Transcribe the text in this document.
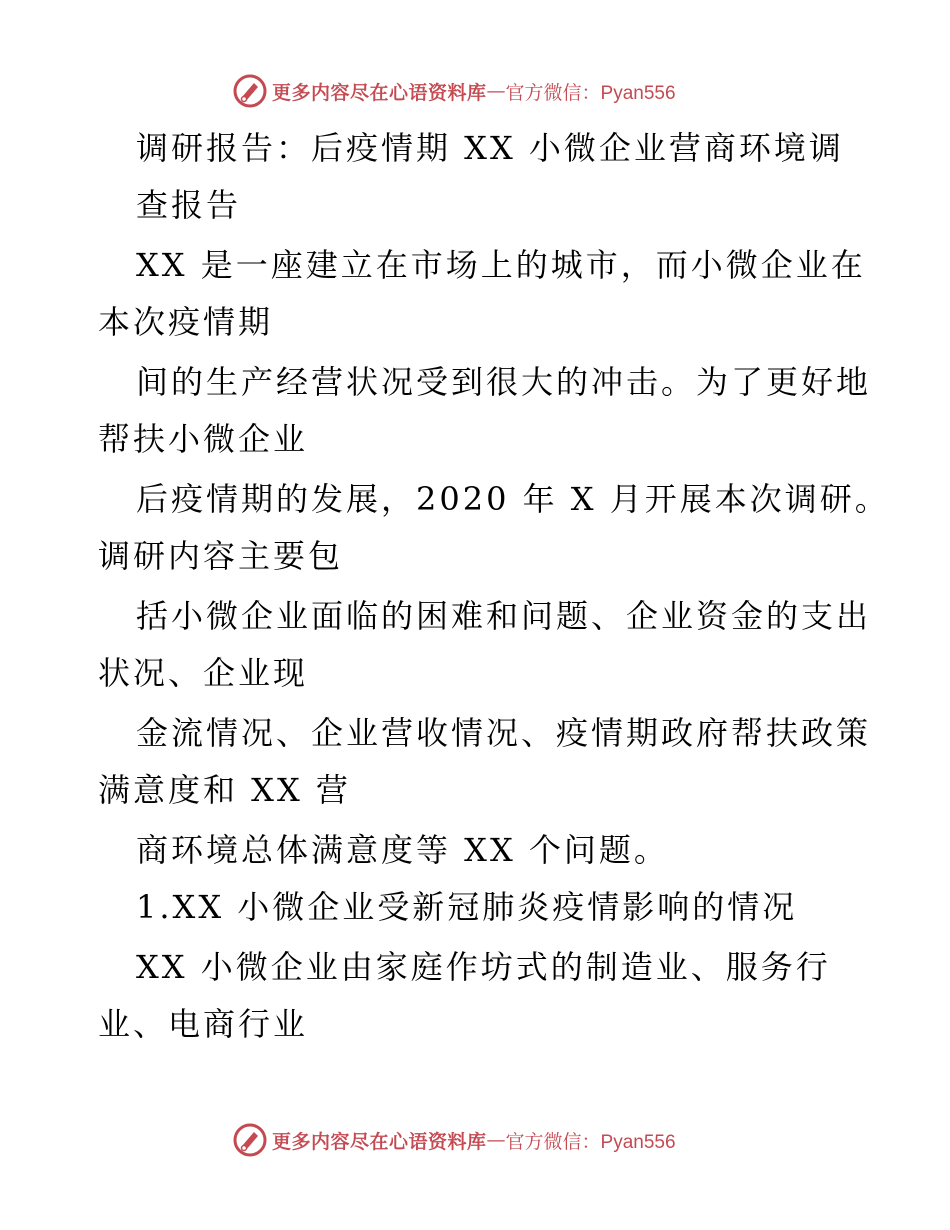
更多内容尽在心语资料库 — 官方微信：Pyan556
调研报告：后疫情期 XX 小微企业营商环境调
查报告
XX 是一座建立在市场上的城市，而小微企业在
本次疫情期
间的生产经营状况受到很大的冲击。为了更好地
帮扶小微企业
后疫情期的发展，2020 年 X 月开展本次调研。
调研内容主要包
括小微企业面临的困难和问题、企业资金的支出
状况、企业现
金流情况、企业营收情况、疫情期政府帮扶政策
满意度和 XX 营
商环境总体满意度等 XX 个问题。
1.XX 小微企业受新冠肺炎疫情影响的情况
XX 小微企业由家庭作坊式的制造业、服务行
业、电商行业
更多内容尽在心语资料库 — 官方微信：Pyan556
